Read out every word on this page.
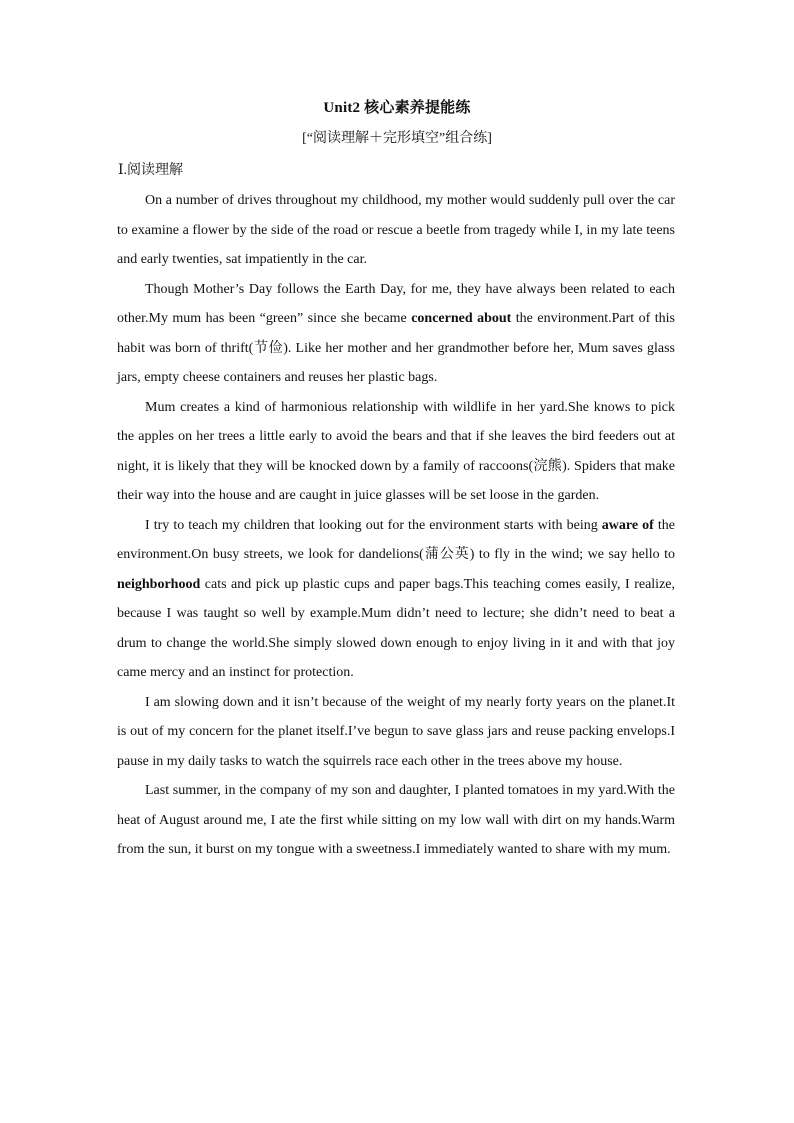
Unit2 核心素养提能练
[“阅读理解＋完形填空”组合练]
Ⅰ.阅读理解

On a number of drives throughout my childhood, my mother would suddenly pull over the car to examine a flower by the side of the road or rescue a beetle from tragedy while I, in my late teens and early twenties, sat impatiently in the car.

Though Mother’s Day follows the Earth Day, for me, they have always been related to each other.My mum has been “green” since she became concerned about the environment.Part of this habit was born of thrift(节俭). Like her mother and her grandmother before her, Mum saves glass jars, empty cheese containers and reuses her plastic bags.

Mum creates a kind of harmonious relationship with wildlife in her yard.She knows to pick the apples on her trees a little early to avoid the bears and that if she leaves the bird feeders out at night, it is likely that they will be knocked down by a family of raccoons(浣熊). Spiders that make their way into the house and are caught in juice glasses will be set loose in the garden.

I try to teach my children that looking out for the environment starts with being aware of the environment.On busy streets, we look for dandelions(蒲公英) to fly in the wind; we say hello to neighborhood cats and pick up plastic cups and paper bags.This teaching comes easily, I realize, because I was taught so well by example.Mum didn’t need to lecture; she didn’t need to beat a drum to change the world.She simply slowed down enough to enjoy living in it and with that joy came mercy and an instinct for protection.

I am slowing down and it isn’t because of the weight of my nearly forty years on the planet.It is out of my concern for the planet itself.I’ve begun to save glass jars and reuse packing envelops.I pause in my daily tasks to watch the squirrels race each other in the trees above my house.

Last summer, in the company of my son and daughter, I planted tomatoes in my yard.With the heat of August around me, I ate the first while sitting on my low wall with dirt on my hands.Warm from the sun, it burst on my tongue with a sweetness.I immediately wanted to share with my mum.
